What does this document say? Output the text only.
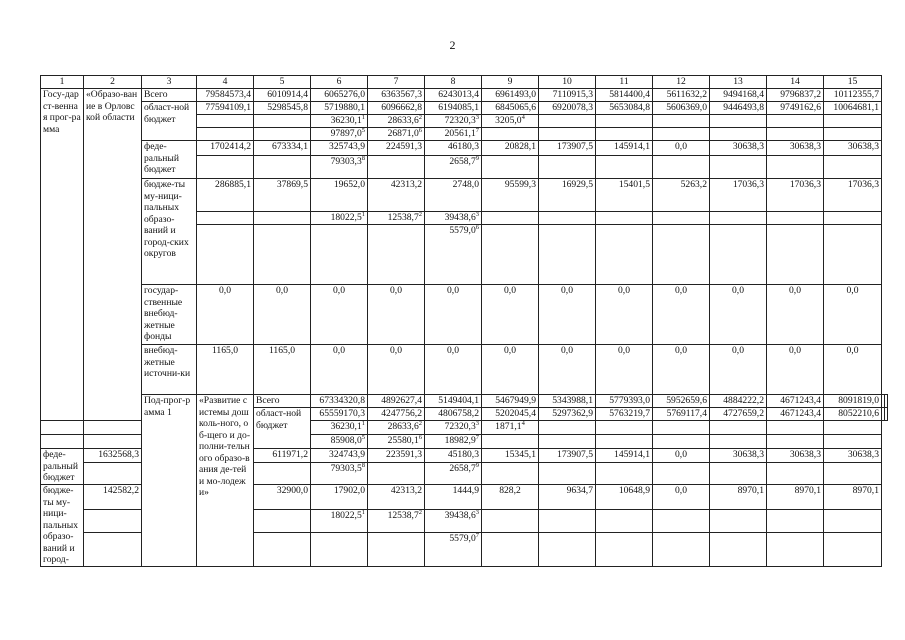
2
1	2	3	4	5	6	7	8	9	10	11	12	13	14	15		
Госу-дарст-венная прог-рамма	«Образо-вание в Орловской области	Всего	79584573,4	6010914,4	6065276,0	6363567,3	6243013,4	6961493,0	7110915,3	5814400,4	5611632,2	9494168,4	9796837,2	10112355,7		
		област-ной бюджет	77594109,1	5298545,8	5719880,1	6096662,8	6194085,1	6845065,6	6920078,3	5653084,8	5606369,0	9446493,8	9749162,6	10064681,1		
					36230,1$^1$	28633,6$^2$	72320,3$^3$	3205,0$^4$						
					97897,0$^5$	26871,0$^6$	20561,1$^7$							
		феде-ральный бюджет	1702414,2	673334,1	325743,9	224591,3	46180,3	20828,1	173907,5	145914,1	0,0	30638,3	30638,3	30638,3		
					79303,3$^8$		2658,7$^9$							
		бюдже-ты му-ници-пальных образо-ваний и город-ских округов	286885,1	37869,5	19652,0	42313,2	2748,0	95599,3	16929,5	15401,5	5263,2	17036,3	17036,3	17036,3		
					18022,5$^1$	12538,7$^2$	39438,6$^3$							
							5579,0$^6$							
		государ-ственные внебюд-жетные фонды	0,0	0,0	0,0	0,0	0,0	0,0	0,0	0,0	0,0	0,0	0,0	0,0		
		внебюд-жетные источни-ки	1165,0	1165,0	0,0	0,0	0,0	0,0	0,0	0,0	0,0	0,0	0,0	0,0		
		Под-прог-рамма 1	«Развитие системы дошколь-ного, об-щего и до-полни-тельного образо-вания де-тей и мо-лодежи»	Всего	67334320,8	4892627,4	5149404,1	5467949,9	5343988,1	5779393,0	5952659,6	4884222,2	4671243,4	8091819,0		
				област-ной бюджет	65559170,3	4247756,2	4806758,2	5202045,4	5297362,9	5763219,7	5769117,4	4727659,2	4671243,4	8052210,6		
					36230,1$^1$	28633,6$^2$	72320,3$^3$	1871,1$^4$						
					85908,0$^5$	25580,1$^6$	18982,9$^7$							
феде-ральный бюджет	1632568,3			611971,2	324743,9	223591,3	45180,3	15345,1	173907,5	145914,1	0,0	30638,3	30638,3	30638,3		
					79303,5$^8$		2658,7$^9$							
бюдже-ты му-ници-пальных образо-ваний и город-	142582,2			32900,0	17902,0	42313,2	1444,9	828,2	9634,7	10648,9	0,0	8970,1	8970,1	8970,1		
					18022,5$^1$	12538,7$^2$	39438,6$^3$							
							5579,0$^7$							
